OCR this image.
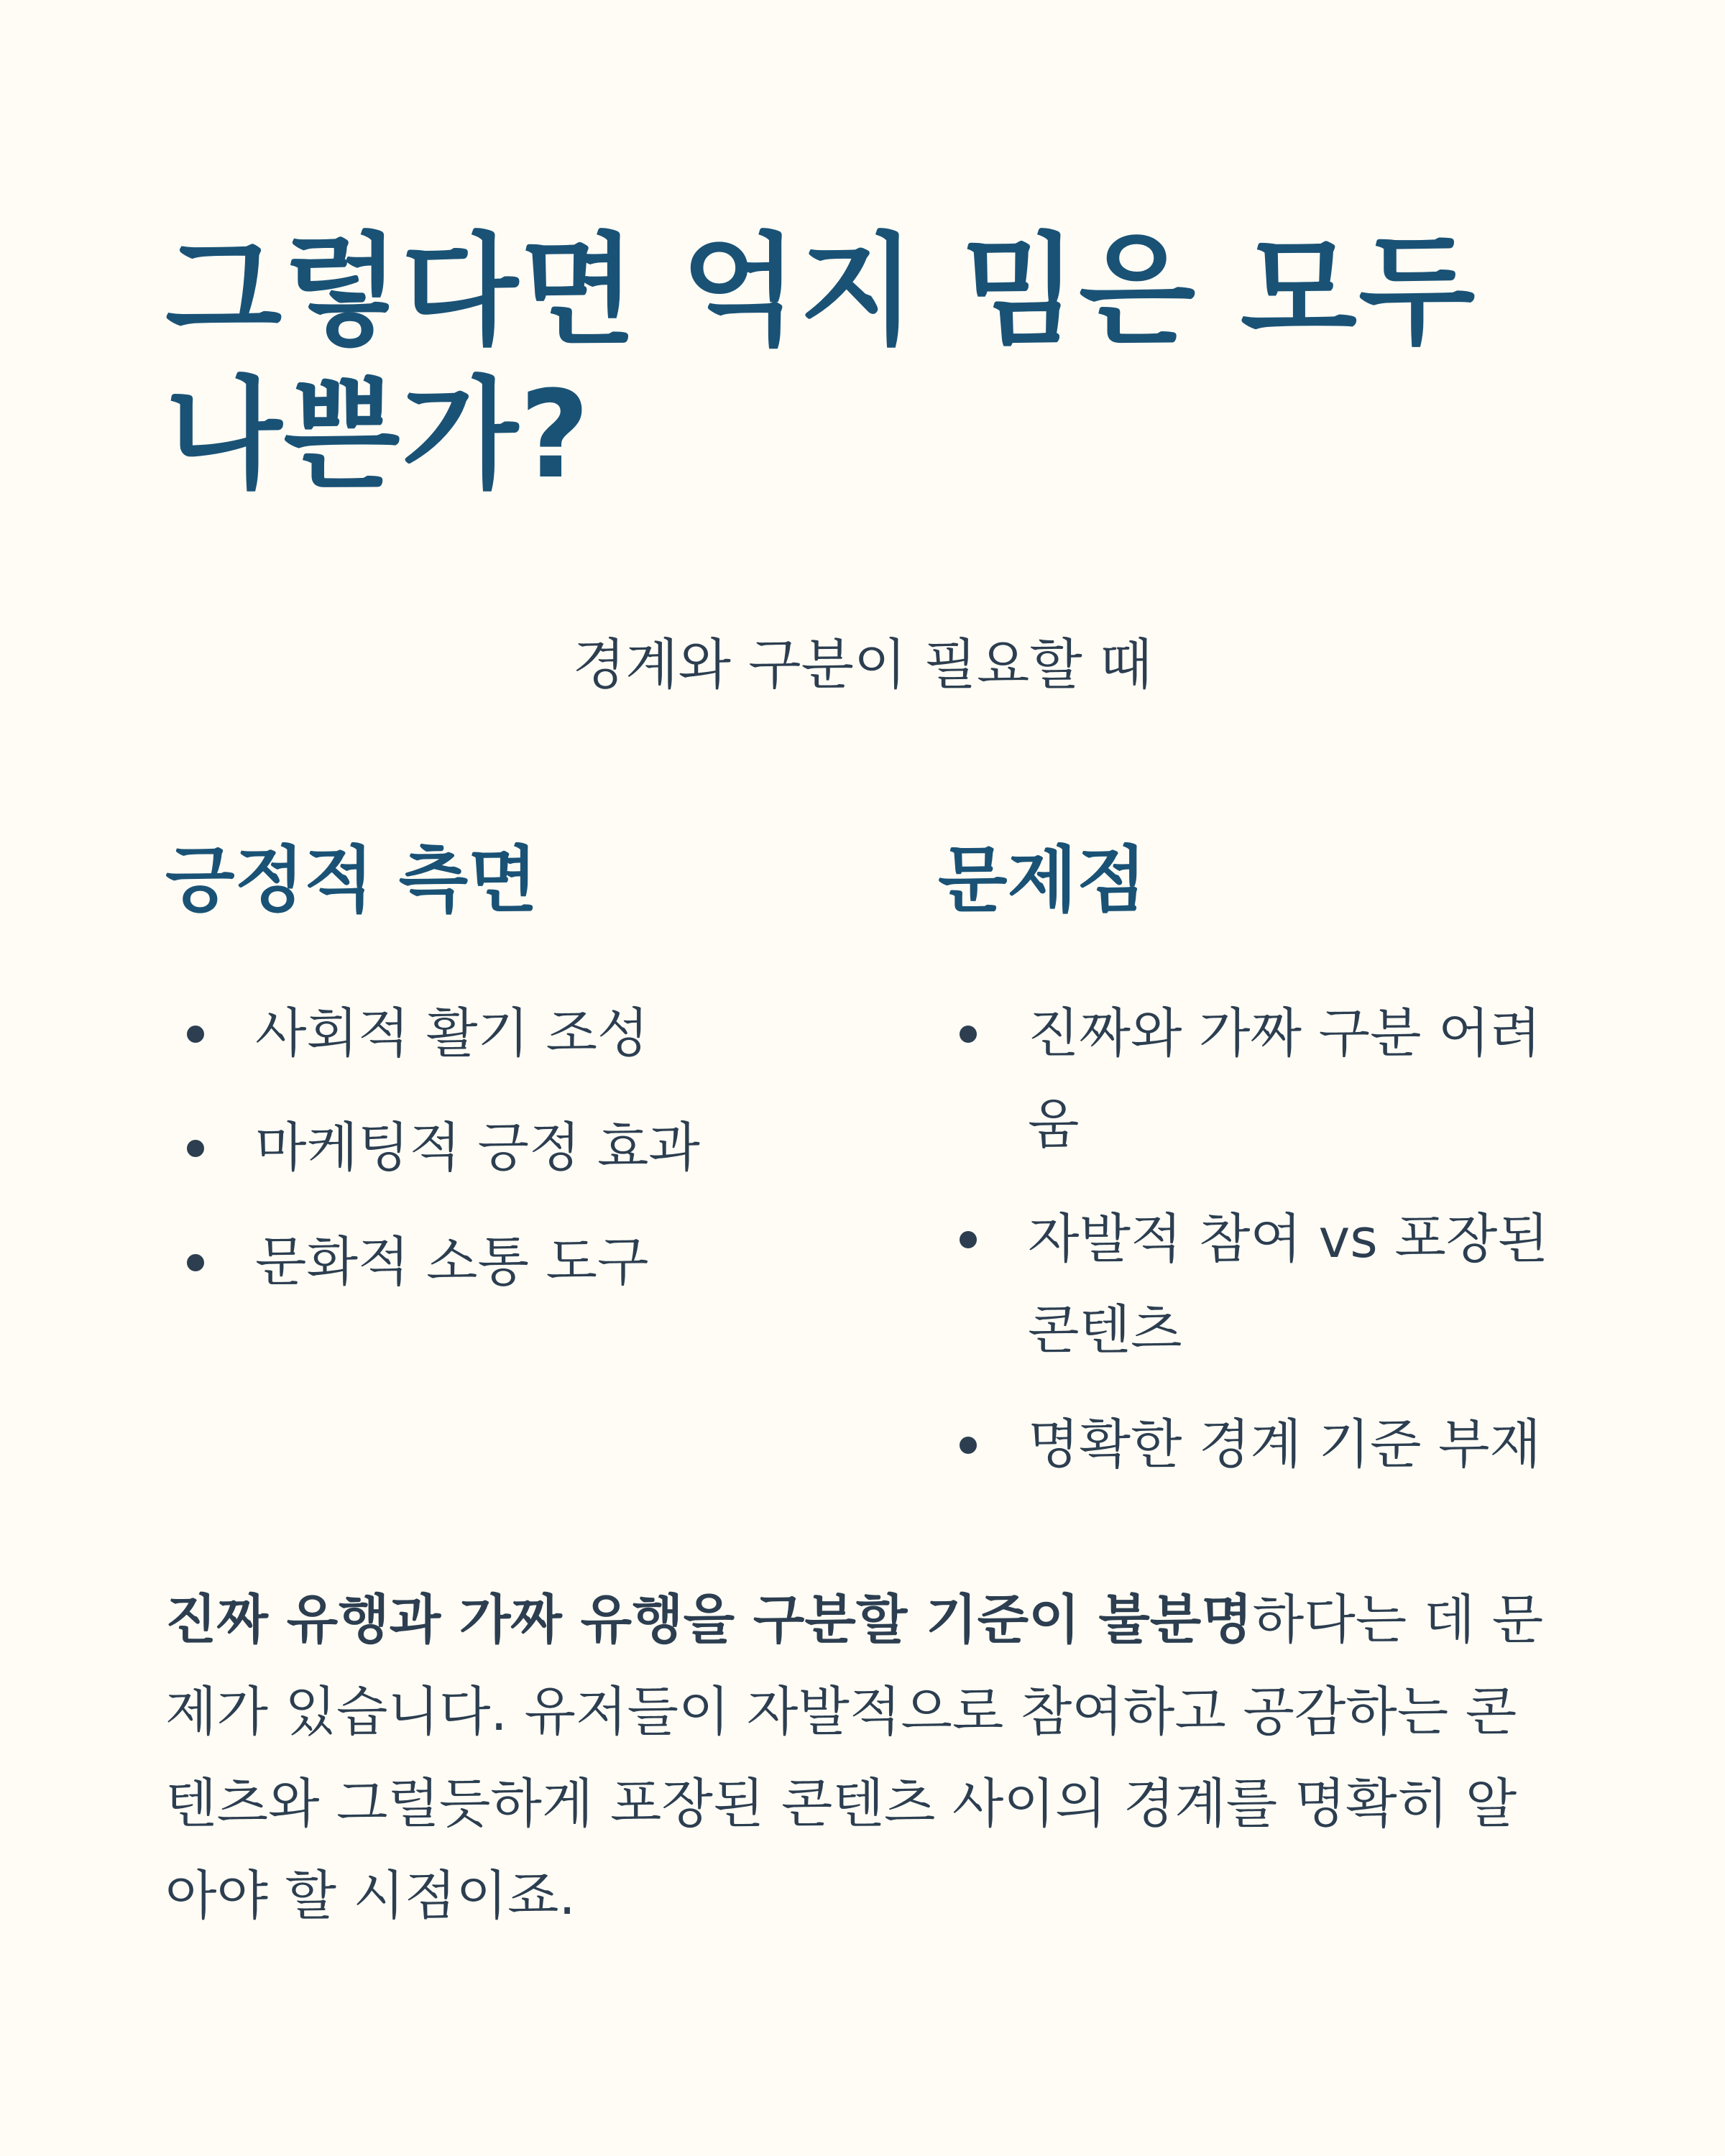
그렇다면 억지 밈은 모두 나쁜가?
경계와 구분이 필요할 때
긍정적 측면
사회적 활기 조성
마케팅적 긍정 효과
문화적 소통 도구
문제점
진짜와 가짜 구분 어려움
자발적 참여 vs 포장된 콘텐츠
명확한 경계 기준 부재

진짜 유행과 가짜 유행을 구분할 기준이 불분명하다는 데 문제가 있습니다. 유저들이 자발적으로 참여하고 공감하는 콘텐츠와 그럴듯하게 포장된 콘텐츠 사이의 경계를 명확히 알아야 할 시점이죠.
